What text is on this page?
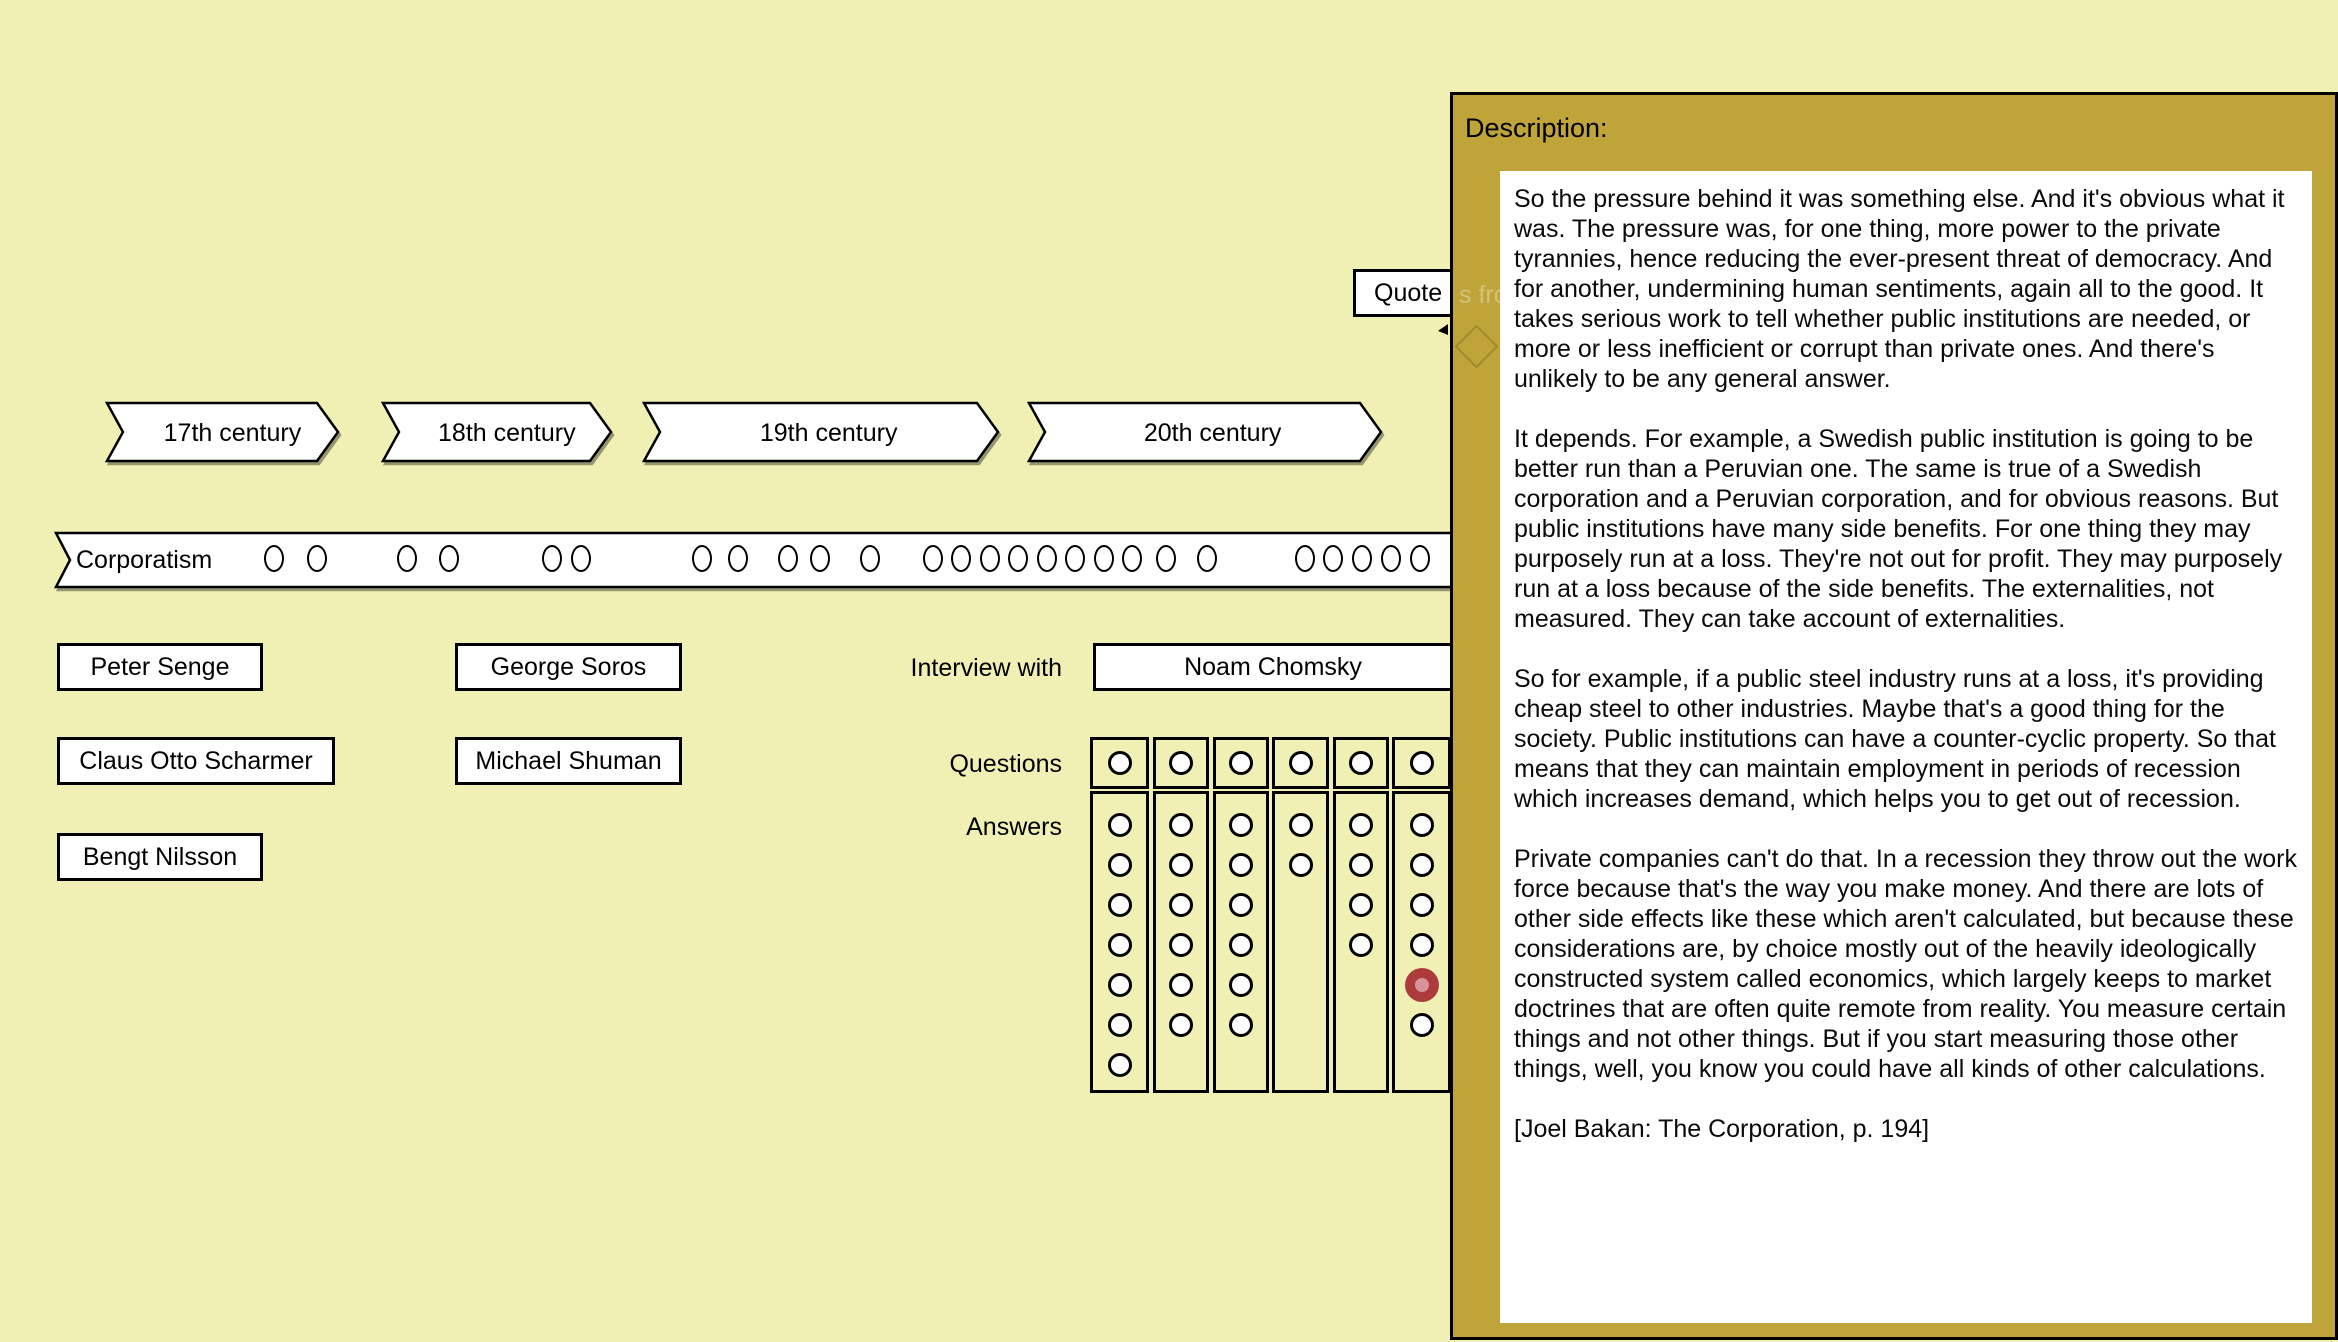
Quote
17th century	18th century	19th century	20th century
Corporatism
Peter Senge	George Soros
Claus Otto Scharmer	Michael Shuman
Bengt Nilsson
Interview with	Noam Chomsky
Questions
Answers
Description:

So the pressure behind it was something else. And it's obvious what it was. The pressure was, for one thing, more power to the private tyrannies, hence reducing the ever-present threat of democracy. And for another, undermining human sentiments, again all to the good. It takes serious work to tell whether public institutions are needed, or more or less inefficient or corrupt than private ones. And there's unlikely to be any general answer.

It depends. For example, a Swedish public institution is going to be better run than a Peruvian one. The same is true of a Swedish corporation and a Peruvian corporation, and for obvious reasons. But public institutions have many side benefits. For one thing they may purposely run at a loss. They're not out for profit. They may purposely run at a loss because of the side benefits. The externalities, not measured. They can take account of externalities.

So for example, if a public steel industry runs at a loss, it's providing cheap steel to other industries. Maybe that's a good thing for the society. Public institutions can have a counter-cyclic property. So that means that they can maintain employment in periods of recession which increases demand, which helps you to get out of recession.

Private companies can't do that. In a recession they throw out the work force because that's the way you make money. And there are lots of other side effects like these which aren't calculated, but because these considerations are, by choice mostly out of the heavily ideologically constructed system called economics, which largely keeps to market doctrines that are often quite remote from reality. You measure certain things and not other things. But if you start measuring those other things, well, you know you could have all kinds of other calculations.

[Joel Bakan: The Corporation, p. 194]

s fro
